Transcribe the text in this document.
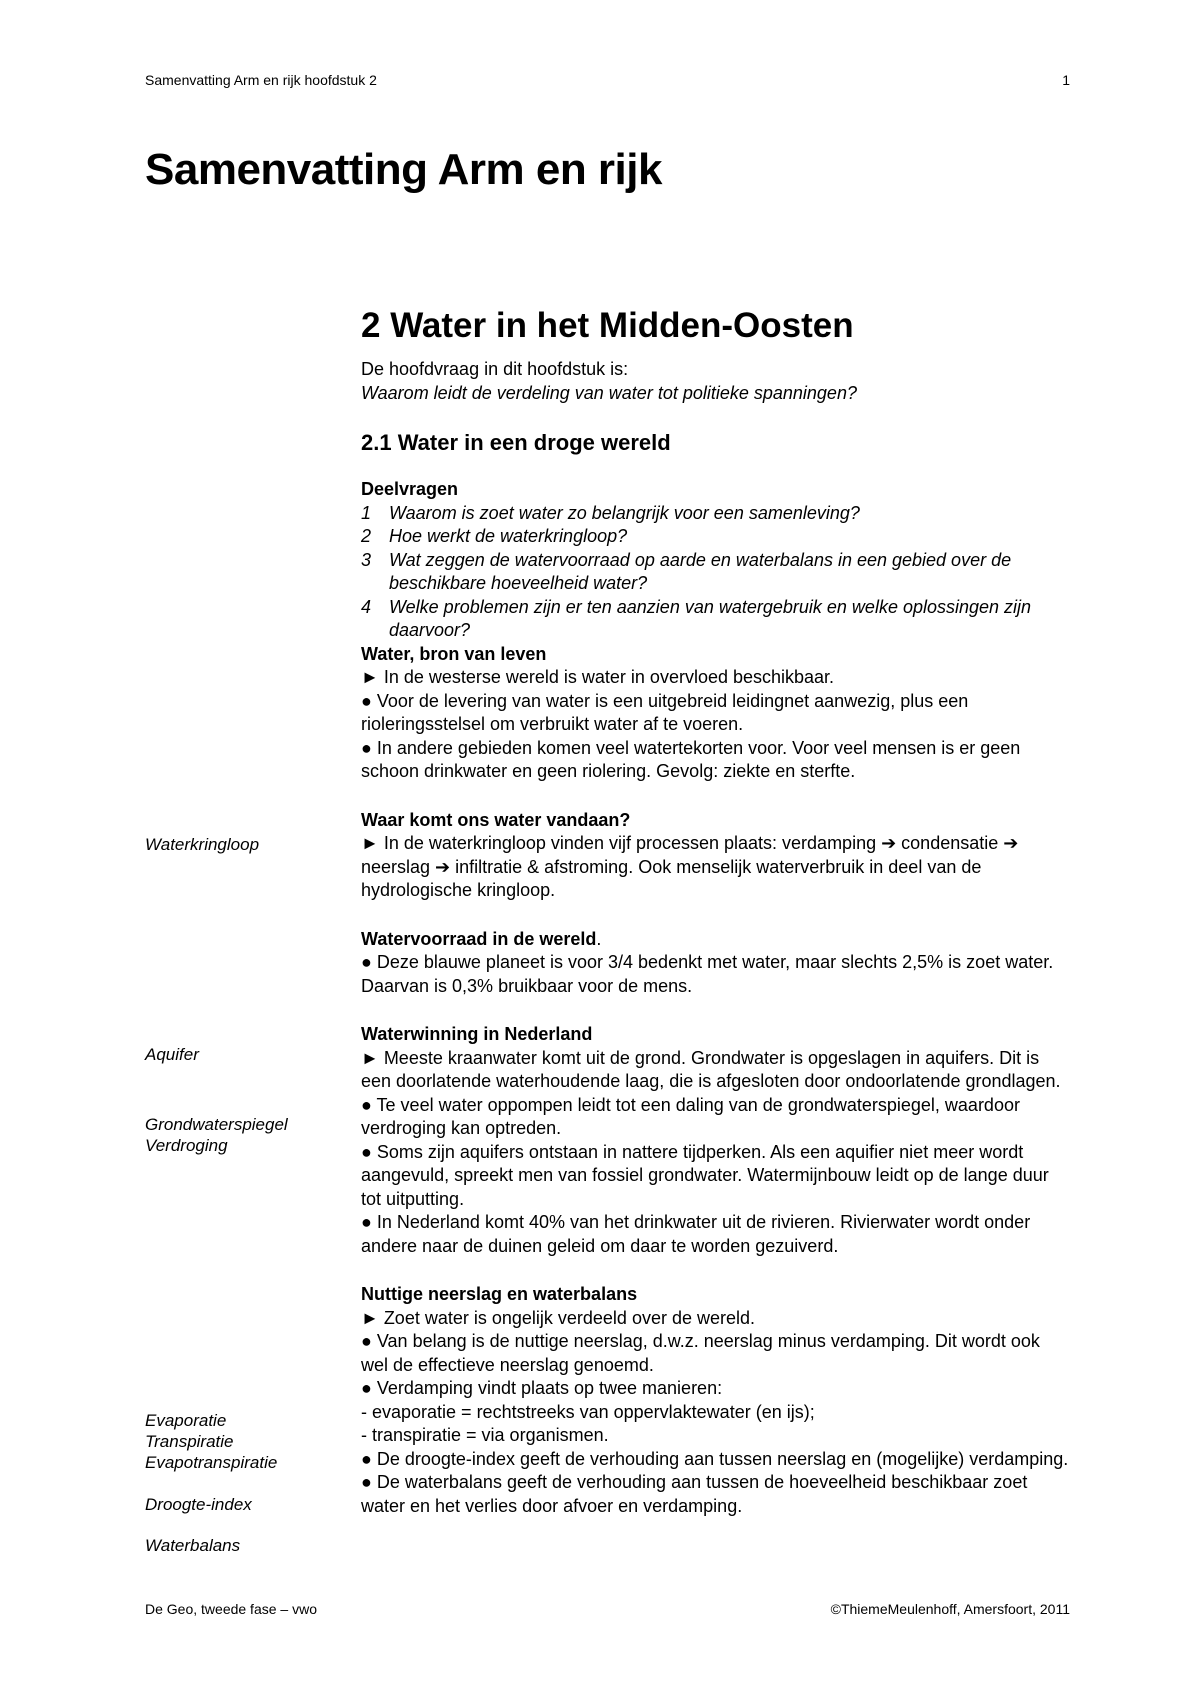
Samenvatting Arm en rijk hoofdstuk 2	1
Samenvatting Arm en rijk
2 Water in het Midden-Oosten

De hoofdvraag in dit hoofdstuk is:

Waarom leidt de verdeling van water tot politieke spanningen?

2.1 Water in een droge wereld
Deelvragen
1 Waarom is zoet water zo belangrijk voor een samenleving?
2 Hoe werkt de waterkringloop?
3 Wat zeggen de watervoorraad op aarde en waterbalans in een gebied over de beschikbare hoeveelheid water?
4 Welke problemen zijn er ten aanzien van watergebruik en welke oplossingen zijn daarvoor?
Water, bron van leven

► In de westerse wereld is water in overvloed beschikbaar.

● Voor de levering van water is een uitgebreid leidingnet aanwezig, plus een rioleringsstelsel om verbruikt water af te voeren.

● In andere gebieden komen veel watertekorten voor. Voor veel mensen is er geen schoon drinkwater en geen riolering. Gevolg: ziekte en sterfte.

Waar komt ons water vandaan?

► In de waterkringloop vinden vijf processen plaats: verdamping ➔ condensatie ➔ neerslag ➔ infiltratie & afstroming. Ook menselijk waterverbruik in deel van de hydrologische kringloop.

Watervoorraad in de wereld.

● Deze blauwe planeet is voor 3/4 bedenkt met water, maar slechts 2,5% is zoet water. Daarvan is 0,3% bruikbaar voor de mens.

Waterwinning in Nederland

► Meeste kraanwater komt uit de grond. Grondwater is opgeslagen in aquifers. Dit is een doorlatende waterhoudende laag, die is afgesloten door ondoorlatende grondlagen.

● Te veel water oppompen leidt tot een daling van de grondwaterspiegel, waardoor verdroging kan optreden.

● Soms zijn aquifers ontstaan in nattere tijdperken. Als een aquifier niet meer wordt aangevuld, spreekt men van fossiel grondwater. Watermijnbouw leidt op de lange duur tot uitputting.

● In Nederland komt 40% van het drinkwater uit de rivieren. Rivierwater wordt onder andere naar de duinen geleid om daar te worden gezuiverd.

Nuttige neerslag en waterbalans

► Zoet water is ongelijk verdeeld over de wereld.

● Van belang is de nuttige neerslag, d.w.z. neerslag minus verdamping. Dit wordt ook wel de effectieve neerslag genoemd.

● Verdamping vindt plaats op twee manieren:

- evaporatie = rechtstreeks van oppervlaktewater (en ijs);

- transpiratie = via organismen.

● De droogte-index geeft de verhouding aan tussen neerslag en (mogelijke) verdamping.

● De waterbalans geeft de verhouding aan tussen de hoeveelheid beschikbaar zoet water en het verlies door afvoer en verdamping.

Waterkringloop
Aquifer
Grondwaterspiegel
Verdroging
Evaporatie
Transpiratie
Evapotranspiratie
Droogte-index
Waterbalans
De Geo, tweede fase – vwo	©ThiemeMeulenhoff, Amersfoort, 2011
